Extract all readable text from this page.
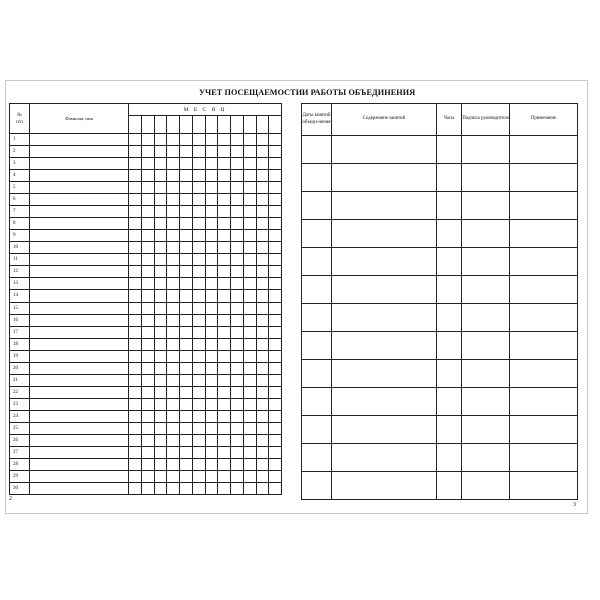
УЧЕТ ПОСЕЩАЕМОСТИ И РАБОТЫ ОБЪЕДИНЕНИЯ
№
п/п	Фамилия, имя	М Е С Я Ц											

1													
2													
3													
4													
5													
6													
7													
8													
9													
10													
11													
12													
13													
14													
15													
16													
17													
18													
19													
20													
21													
22													
23													
24													
25													
26													
27													
28													
29													
30													
Даты занятий объеди-нения	Содержание занятий	Часы	Подпись руководителя	Примечание

2
3
